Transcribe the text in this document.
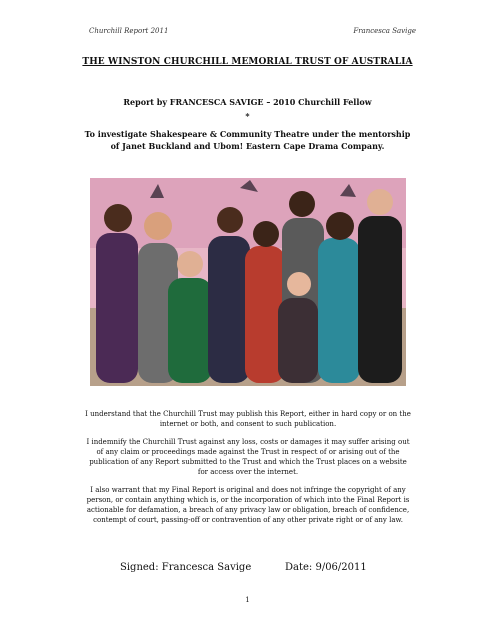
Churchill Report 2011	Francesca Savige
THE WINSTON CHURCHILL MEMORIAL TRUST OF AUSTRALIA
Report by FRANCESCA SAVIGE – 2010 Churchill Fellow
*
To investigate Shakespeare & Community Theatre under the mentorship of Janet Buckland and Ubom! Eastern Cape Drama Company.
I understand that the Churchill Trust may publish this Report, either in hard copy or on the internet or both, and consent to such publication.
I indemnify the Churchill Trust against any loss, costs or damages it may suffer arising out of any claim or proceedings made against the Trust in respect of or arising out of the publication of any Report submitted to the Trust and which the Trust places on a website for access over the internet.
I also warrant that my Final Report is original and does not infringe the copyright of any person, or contain anything which is, or the incorporation of which into the Final Report is actionable for defamation, a breach of any privacy law or obligation, breach of confidence, contempt of court, passing-off or contravention of any other private right or of any law.
Signed: Francesca Savige	Date: 9/06/2011
1
